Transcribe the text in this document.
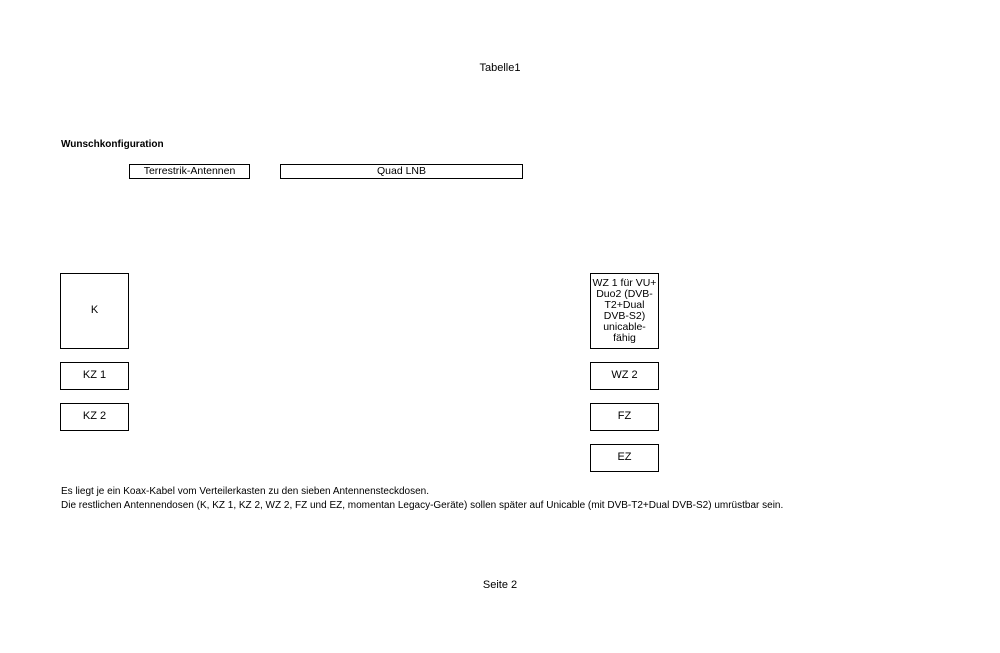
Tabelle1
Wunschkonfiguration
Terrestrik-Antennen	Quad LNB
K
KZ 1
KZ 2
WZ 1 für VU+ Duo2 (DVB-T2+Dual DVB-S2) unicable-fähig
WZ 2
FZ
EZ
Es liegt je ein Koax-Kabel vom Verteilerkasten zu den sieben Antennensteckdosen.
Die restlichen Antennendosen (K, KZ 1, KZ 2, WZ 2, FZ und EZ, momentan Legacy-Geräte) sollen später auf Unicable (mit DVB-T2+Dual DVB-S2) umrüstbar sein.
Seite 2
